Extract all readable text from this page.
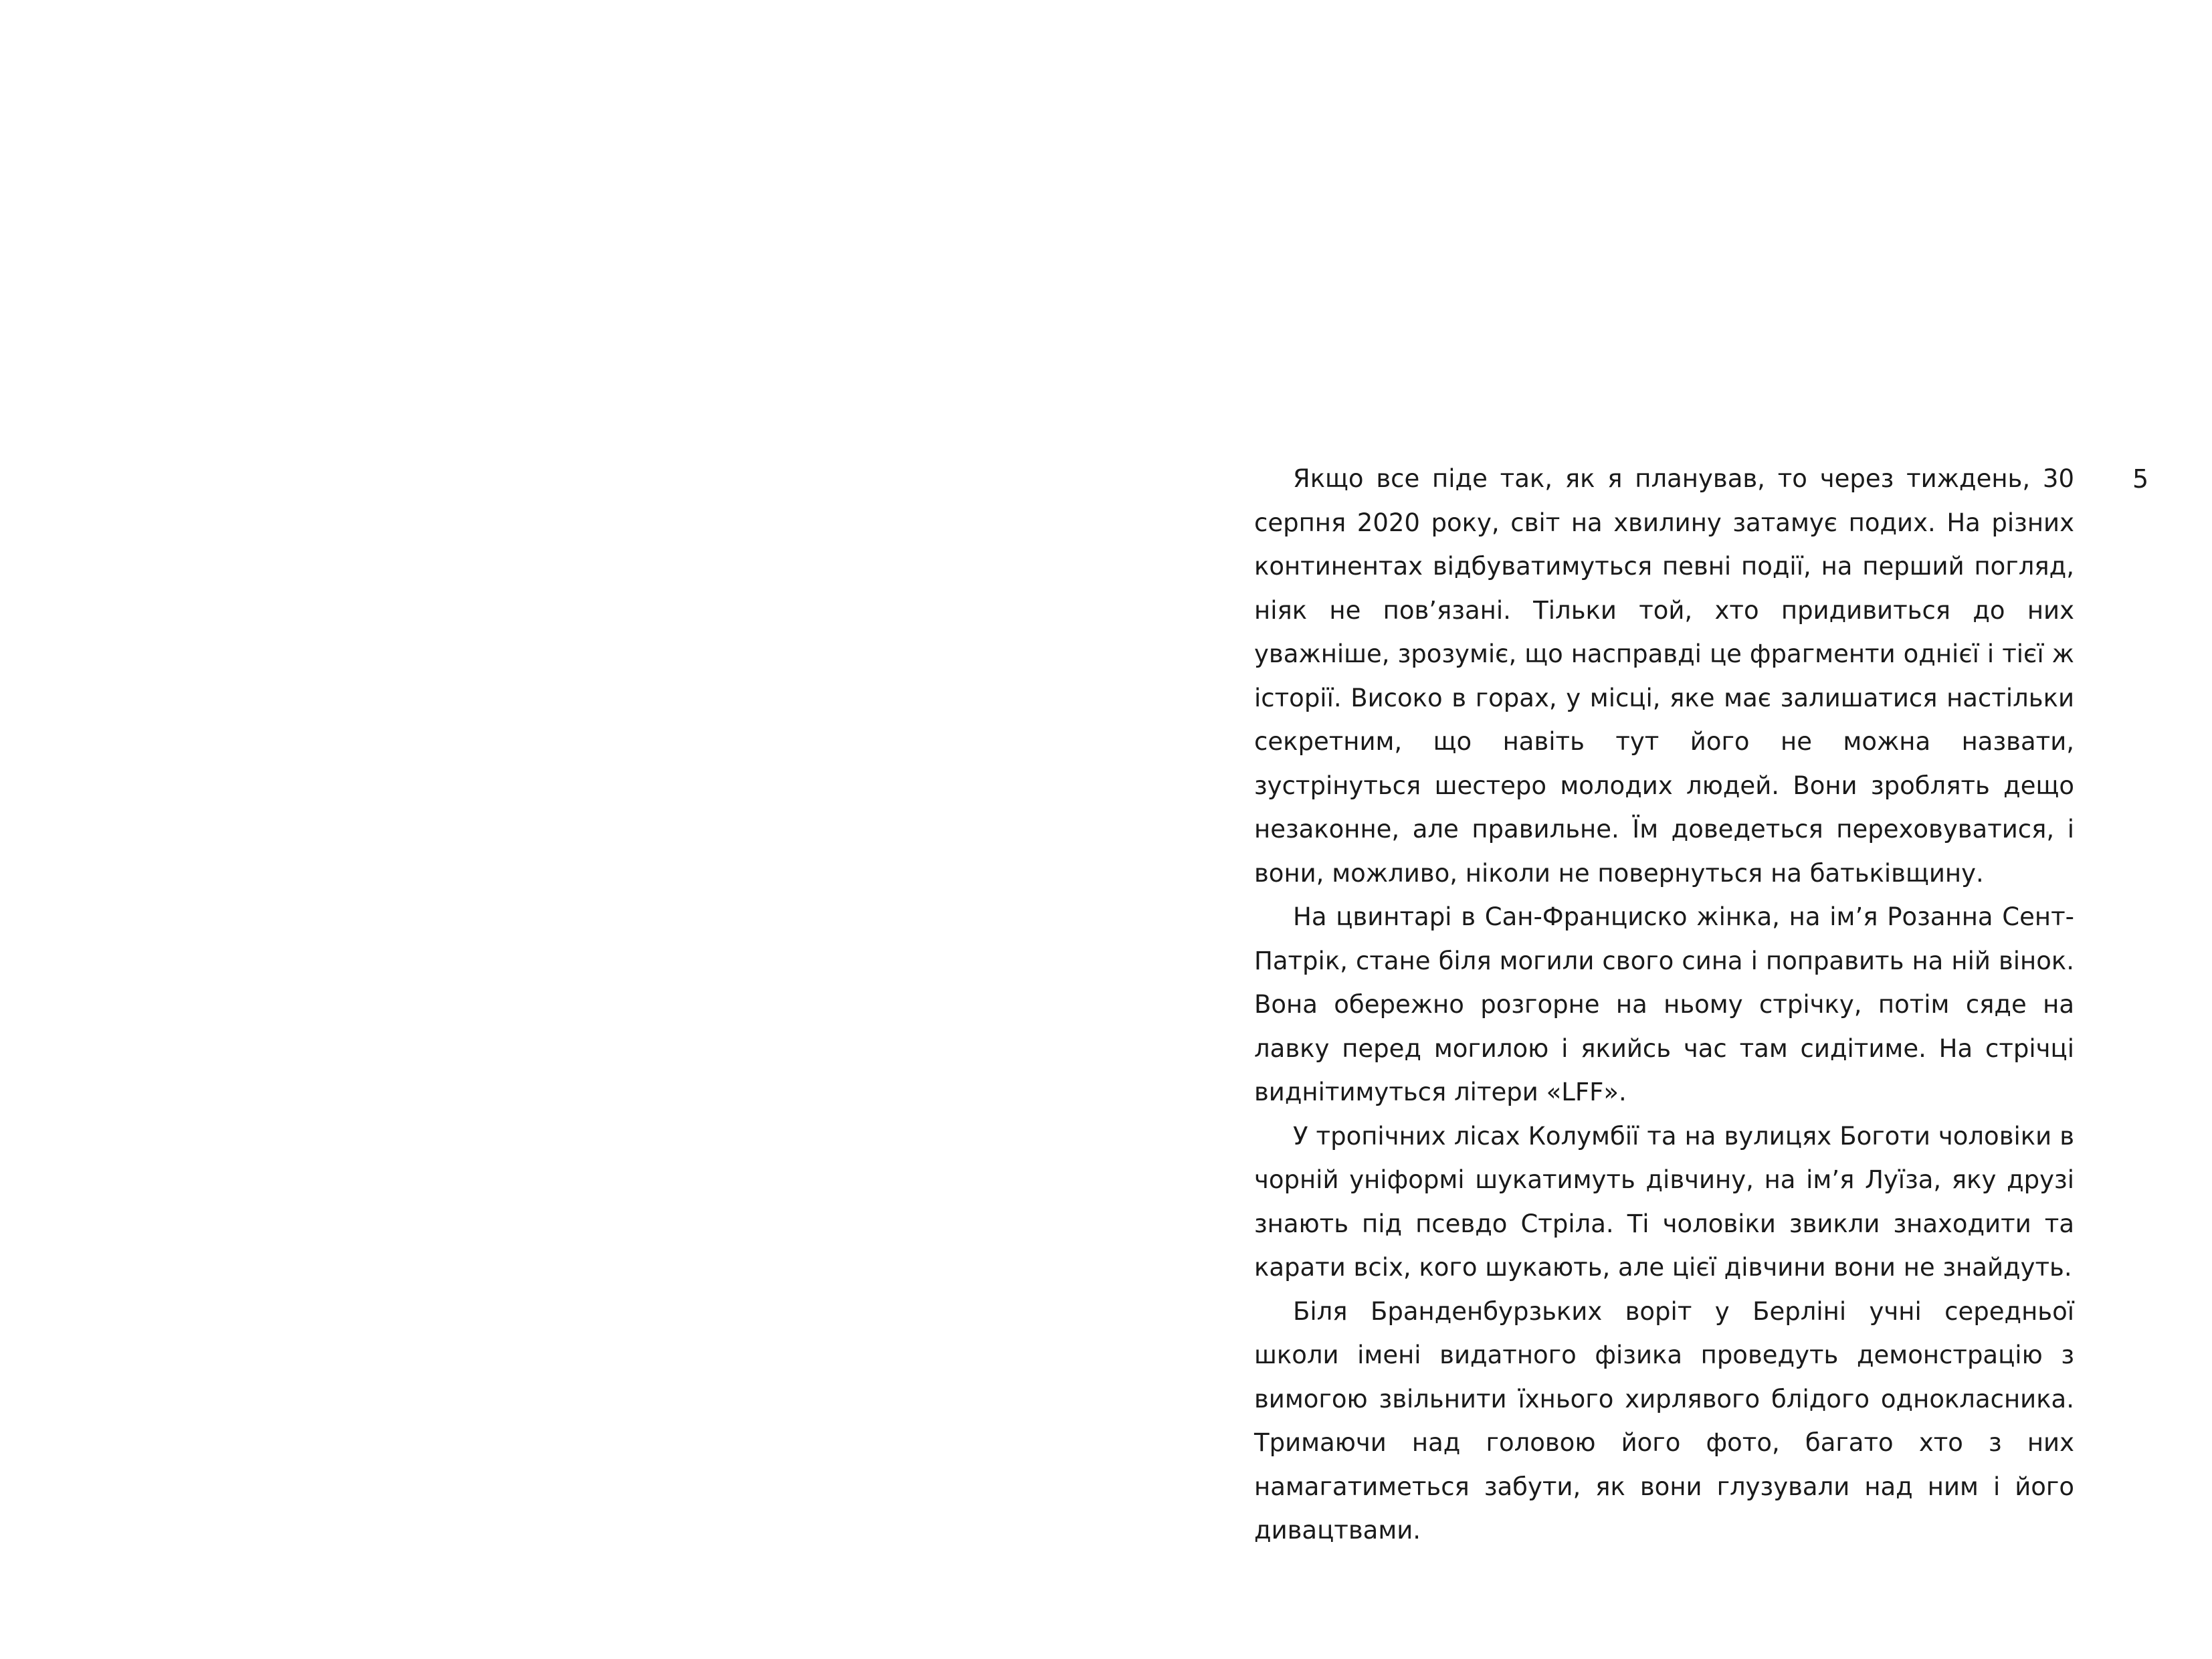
Якщо все піде так, як я планував, то через тиждень, 30 серпня 2020 року, світ на хвилину затамує подих. На різних континентах відбуватимуться певні події, на перший погляд, ніяк не пов’язані. Тільки той, хто придивиться до них уважніше, зрозуміє, що насправді це фрагменти однієї і тієї ж історії. Високо в горах, у місці, яке має залишатися настільки секретним, що навіть тут його не можна назвати, зустрінуться шестеро молодих людей. Вони зроблять дещо незаконне, але правильне. Їм доведеться переховуватися, і вони, можливо, ніколи не повернуться на батьківщину.

На цвинтарі в Сан-Франциско жінка, на ім’я Розанна Сент-Патрік, стане біля могили свого сина і поправить на ній вінок. Вона обережно розгорне на ньому стрічку, потім сяде на лавку перед могилою і якийсь час там сидітиме. На стрічці виднітимуться літери «LFF».

У тропічних лісах Колумбії та на вулицях Боготи чоловіки в чорній уніформі шукатимуть дівчину, на ім’я Луїза, яку друзі знають під псевдо Стріла. Ті чоловіки звикли знаходити та карати всіх, кого шукають, але цієї дівчини вони не знайдуть.

Біля Бранденбурзьких воріт у Берліні учні середньої школи імені видатного фізика проведуть демонстрацію з вимогою звільнити їхнього хирлявого блідого однокласника. Тримаючи над головою його фото, багато хто з них намагатиметься забути, як вони глузували над ним і його дивацтвами.

5
